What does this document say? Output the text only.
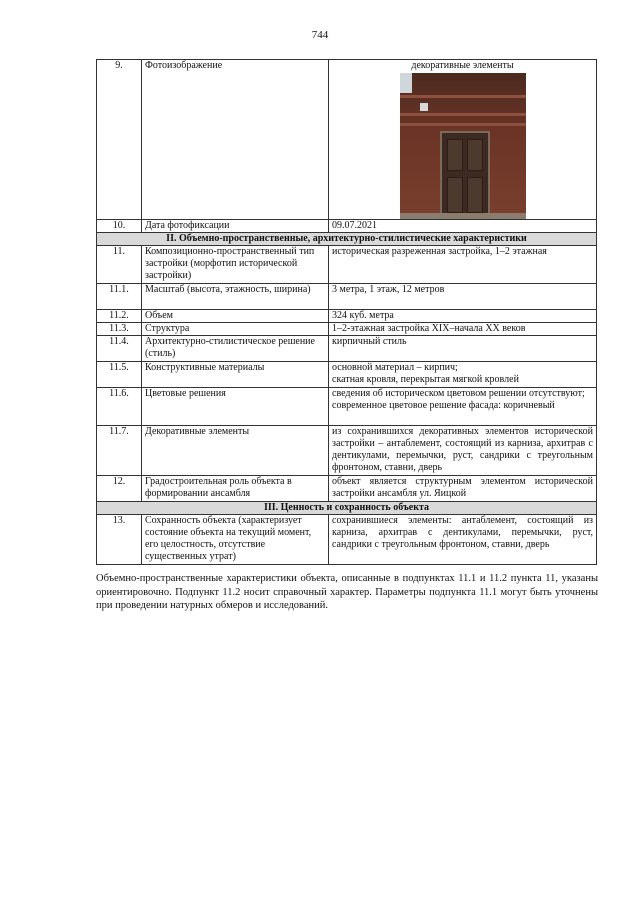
744
9.	Фотоизображение	декоративные элементы

10.	Дата фотофиксации	09.07.2021
II. Объемно-пространственные, архитектурно-стилистические характеристики		
11.	Композиционно-пространственный тип застройки (морфотип исторической застройки)	историческая разреженная застройка, 1–2 этажная
11.1.	Масштаб (высота, этажность, ширина)	3 метра, 1 этаж, 12 метров
11.2.	Объем	324 куб. метра
11.3.	Структура	1–2-этажная застройка XIX–начала XX веков
11.4.	Архитектурно-стилистическое решение (стиль)	кирпичный стиль
11.5.	Конструктивные материалы	основной материал – кирпич;
скатная кровля, перекрытая мягкой кровлей

11.6.	Цветовые решения	сведения об историческом цветовом решении отсутствуют;
современное цветовое решение фасада: коричневый

11.7.	Декоративные элементы	из сохранившихся декоративных элементов исторической застройки – антаблемент, состоящий из карниза, архитрав с дентикулами, перемычки, руст, сандрики с треугольным фронтоном, ставни, дверь
12.	Градостроительная роль объекта в формировании ансамбля	объект является структурным элементом исторической застройки ансамбля ул. Яицкой
III. Ценность и сохранность объекта		
13.	Сохранность объекта (характеризует состояние объекта на текущий момент, его целостность, отсутствие существенных утрат)	сохранившиеся элементы: антаблемент, состоящий из карниза, архитрав с дентикулами, перемычки, руст, сандрики с треугольным фронтоном, ставни, дверь
Объемно-пространственные характеристики объекта, описанные в подпунктах 11.1 и 11.2 пункта 11, указаны ориентировочно. Подпункт 11.2 носит справочный характер. Параметры подпункта 11.1 могут быть уточнены при проведении натурных обмеров и исследований.
